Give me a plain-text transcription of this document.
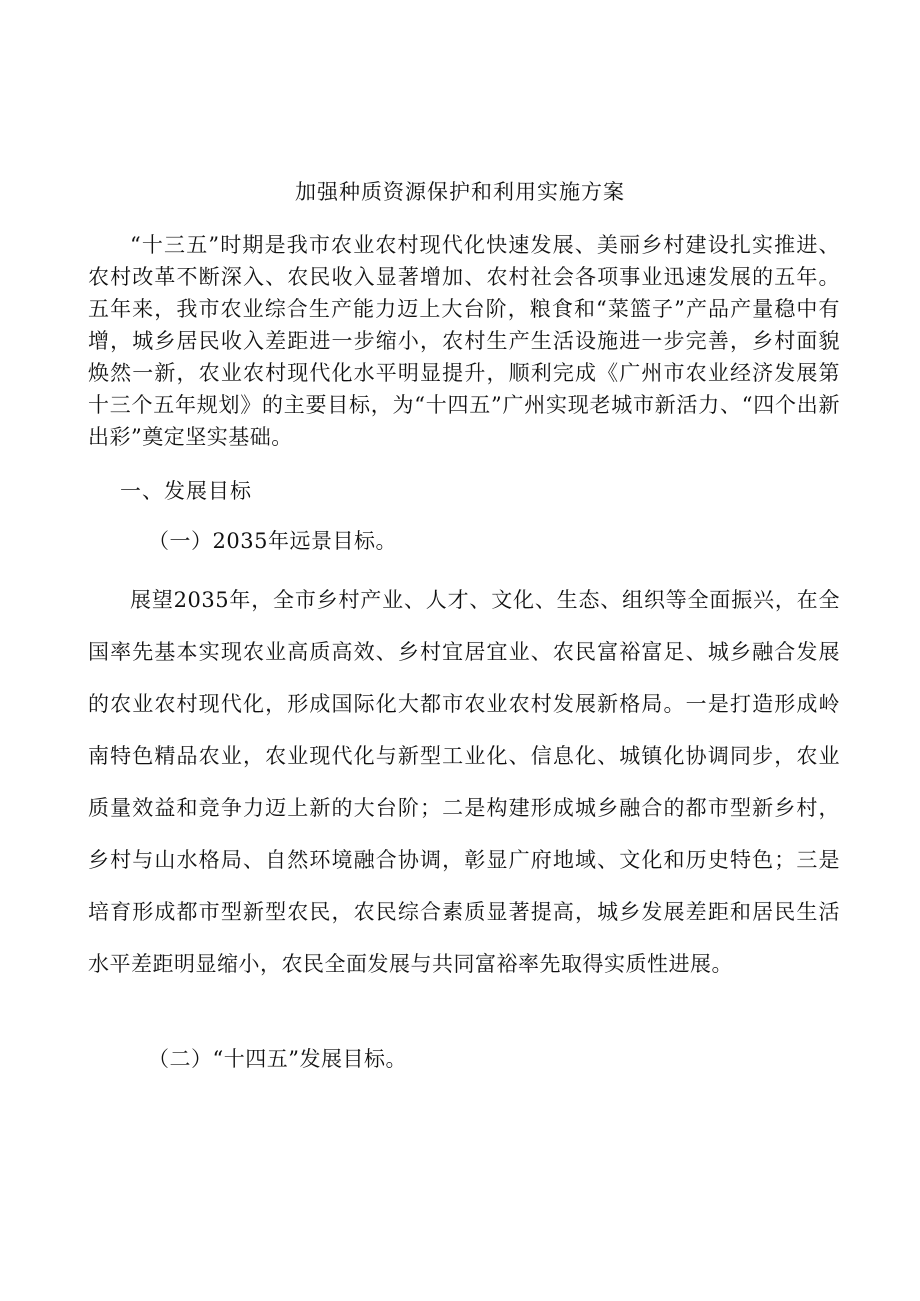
加强种质资源保护和利用实施方案

“十三五”时期是我市农业农村现代化快速发展、美丽乡村建设扎实推进、农村改革不断深入、农民收入显著增加、农村社会各项事业迅速发展的五年。五年来，我市农业综合生产能力迈上大台阶，粮食和“菜篮子”产品产量稳中有增，城乡居民收入差距进一步缩小，农村生产生活设施进一步完善，乡村面貌焕然一新，农业农村现代化水平明显提升，顺利完成《广州市农业经济发展第十三个五年规划》的主要目标，为“十四五”广州实现老城市新活力、“四个出新出彩”奠定坚实基础。

一、发展目标

（一）2035年远景目标。

展望2035年，全市乡村产业、人才、文化、生态、组织等全面振兴，在全国率先基本实现农业高质高效、乡村宜居宜业、农民富裕富足、城乡融合发展的农业农村现代化，形成国际化大都市农业农村发展新格局。一是打造形成岭南特色精品农业，农业现代化与新型工业化、信息化、城镇化协调同步，农业质量效益和竞争力迈上新的大台阶；二是构建形成城乡融合的都市型新乡村，乡村与山水格局、自然环境融合协调，彰显广府地域、文化和历史特色；三是培育形成都市型新型农民，农民综合素质显著提高，城乡发展差距和居民生活水平差距明显缩小，农民全面发展与共同富裕率先取得实质性进展。

（二）“十四五”发展目标。
